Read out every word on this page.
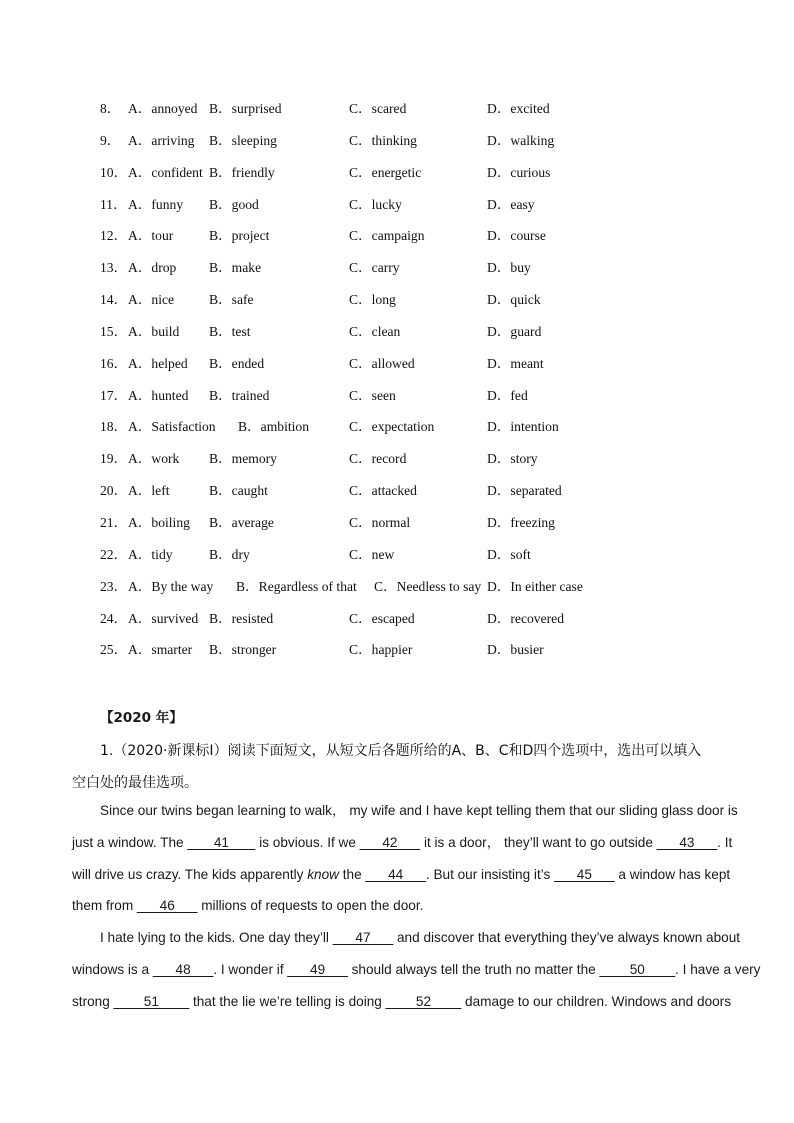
8． A．annoyed B．surprised	C．scared	D．excited
9． A．arriving B．sleeping	C．thinking	D．walking
10． A．confident B．friendly	C．energetic	D．curious
11． A．funny B．good	C．lucky	D．easy
12． A．tour	B．project	C．campaign	D．course
13． A．drop B．make	C．carry	D．buy
14． A．nice	B．safe	C．long	D．quick
15． A．build B．test	C．clean	D．guard
16． A．helped B．ended	C．allowed	D．meant
17． A．hunted B．trained	C．seen	D．fed
18． A．Satisfaction B．ambition	C．expectation	D．intention
19． A．work B．memory	C．record	D．story
20． A．left	B．caught	C．attacked	D．separated
21． A．boiling B．average	C．normal	D．freezing
22． A．tidy	B．dry	C．new	D．soft
23． A．By the way B．Regardless of that C．Needless to say D．In either case
24． A．survived B．resisted	C．escaped	D．recovered
25． A．smarter B．stronger	C．happier	D．busier
【2020 年】
1.（2020·新课标Ⅰ）阅读下面短文，从短文后各题所给的A、B、C和D四个选项中，选出可以填入
空白处的最佳选项。
Since our twins began learning to walk， my wife and I have kept telling them that our sliding glass door is
just a window. The  ___41___  is obvious. If we ___42___ it is a door， they’ll want to go outside ___43___. It
will drive us crazy. The kids apparently know the ___44___. But our insisting it’s ___45___ a window has kept
them from ___46___ millions of requests to open the door.
I hate lying to the kids. One day they’ll ___47___ and discover that everything they’ve always known about
windows is a ___48___. I wonder if ___49___ should always tell the truth no matter the ____50____. I have a very
strong ____51____ that the lie we’re telling is doing ____52____ damage to our children. Windows and doors
